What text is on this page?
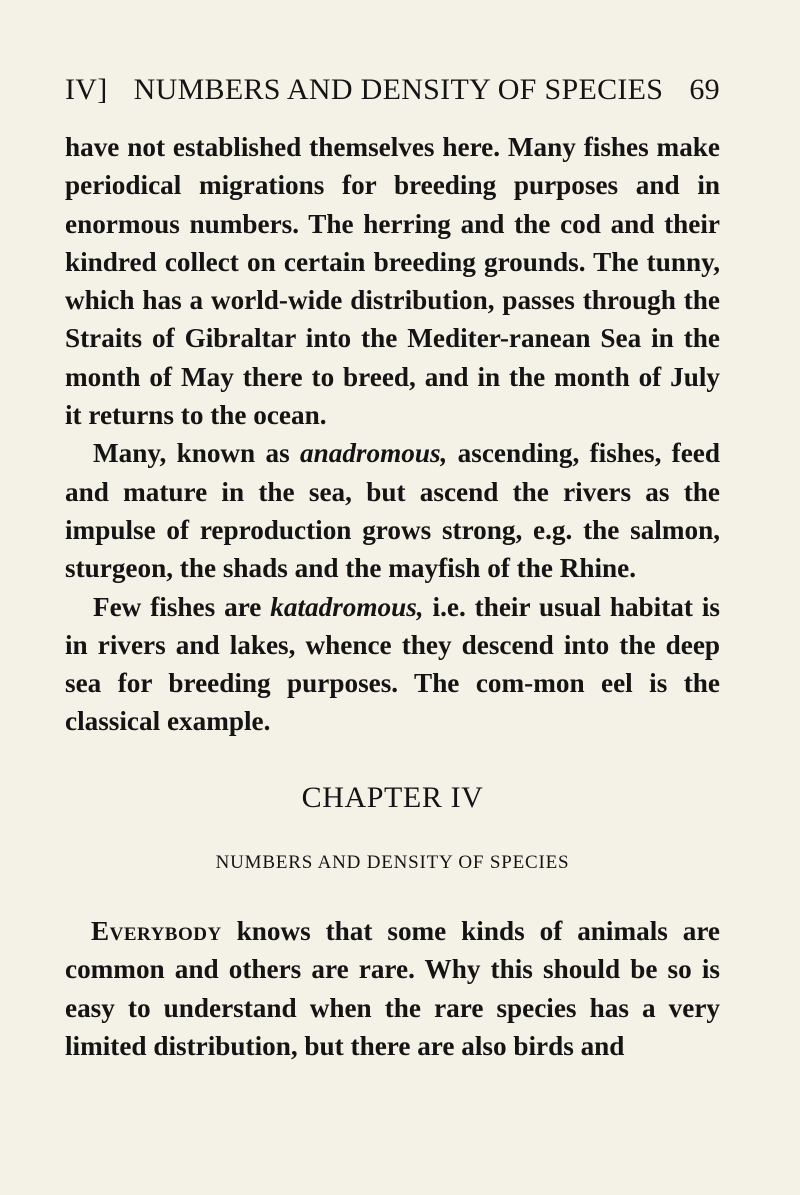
IV] NUMBERS AND DENSITY OF SPECIES 69

have not established themselves here. Many fishes make periodical migrations for breeding purposes and in enormous numbers. The herring and the cod and their kindred collect on certain breeding grounds. The tunny, which has a world-wide distribution, passes through the Straits of Gibraltar into the Mediter-ranean Sea in the month of May there to breed, and in the month of July it returns to the ocean.

Many, known as anadromous, ascending, fishes, feed and mature in the sea, but ascend the rivers as the impulse of reproduction grows strong, e.g. the salmon, sturgeon, the shads and the mayfish of the Rhine.

Few fishes are katadromous, i.e. their usual habitat is in rivers and lakes, whence they descend into the deep sea for breeding purposes. The com-mon eel is the classical example.

CHAPTER IV
NUMBERS AND DENSITY OF SPECIES

Everybody knows that some kinds of animals are common and others are rare. Why this should be so is easy to understand when the rare species has a very limited distribution, but there are also birds and
